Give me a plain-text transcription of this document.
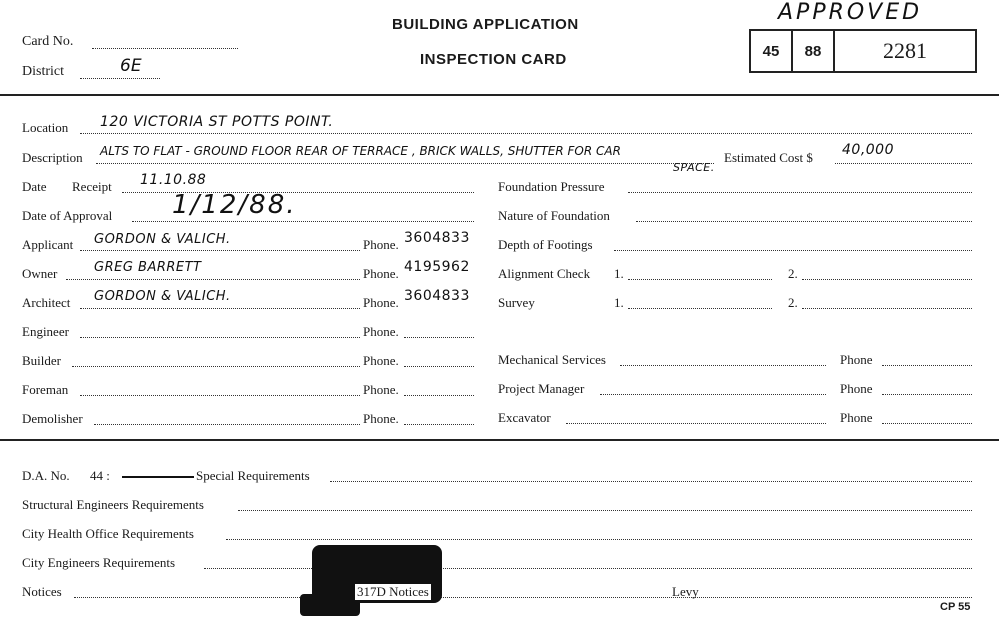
Card No.
District	6E
BUILDING APPLICATION
INSPECTION CARD
APPROVED
45	88	2281
Location 120 VICTORIA ST POTTS POINT.
Description ALTS TO FLAT - GROUND FLOOR REAR OF TERRACE , BRICK WALLS, SHUTTER FOR CAR
SPACE.
Estimated Cost $ 40,000
Date Receipt 11.10.88
Date of Approval 1/12/88.
Applicant GORDON & VALICH.	Phone. 3604833
Owner	GREG BARRETT	Phone. 4195962
Architect GORDON & VALICH.	Phone. 3604833
Engineer	Phone.
Builder	Phone.
Foreman	Phone.
Demolisher	Phone.
Foundation Pressure
Nature of Foundation
Depth of Footings
Alignment Check 1.	2.
Survey	1.	2.
Mechanical Services	Phone
Project Manager	Phone
Excavator	Phone
D.A. No. 44 :	Special Requirements
Structural Engineers Requirements
City Health Office Requirements
City Engineers Requirements
Notices	317D Notices	Levy
CP 55
